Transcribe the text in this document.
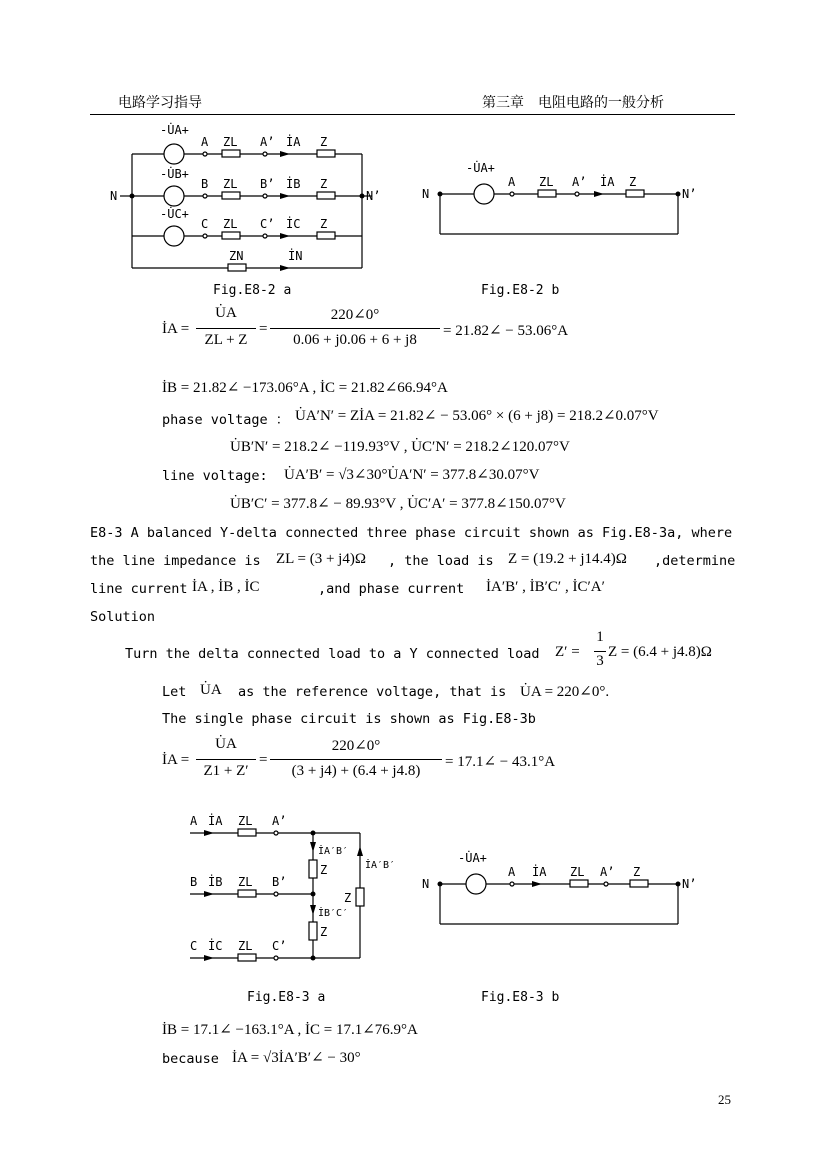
电路学习指导	第三章　电阻电路的一般分析
N	N’
-U̇A+
-U̇B+
-U̇C+
A
B
C
ZL
ZL
ZL
A’
B’
C’
İA
İB
İC
Z
Z
Z
ZN	İN
Fig.E8-2 a
N	N’
-U̇A+
A ZL A’ İA Z
Fig.E8-2 b
İA =
U̇A
ZL + Z
=
220∠0°
0.06 + j0.06 + 6 + j8
= 21.82∠ − 53.06°A
İB = 21.82∠ −173.06°A , İC = 21.82∠66.94°A
phase voltage ： U̇A′N′ = ZİA = 21.82∠ − 53.06° × (6 + j8) = 218.2∠0.07°V
U̇B′N′ = 218.2∠ −119.93°V , U̇C′N′ = 218.2∠120.07°V
line voltage: U̇A′B′ = √3∠30°U̇A′N′ = 377.8∠30.07°V
U̇B′C′ = 377.8∠ − 89.93°V , U̇C′A′ = 377.8∠150.07°V
E8-3 A balanced Y-delta connected three phase circuit shown as Fig.E8-3a, where
the line impedance is ZL = (3 + j4)Ω , the load is Z = (19.2 + j14.4)Ω ,determine
line current İA , İB , İC	,and phase current İA′B′ , İB′C′ , İC′A′
Solution
Turn the delta connected load to a Y connected load Z′ =
1
3
Z = (6.4 + j4.8)Ω
Let U̇A as the reference voltage, that is U̇A = 220∠0°.
The single phase circuit is shown as Fig.E8-3b
İA =
U̇A
Z1 + Z′
=
220∠0°
(3 + j4) + (6.4 + j4.8)
= 17.1∠ − 43.1°A
A
B
C
İA
İB
İC
ZL
ZL
ZL
A’
B’
C’
İA′B′
İB′C′
İA′B′
Z
Z
Z
Fig.E8-3 a
N	N’
-U̇A+
A İA ZL A’ Z
Fig.E8-3 b
İB = 17.1∠ −163.1°A , İC = 17.1∠76.9°A
because İA = √3İA′B′∠ − 30°
25
